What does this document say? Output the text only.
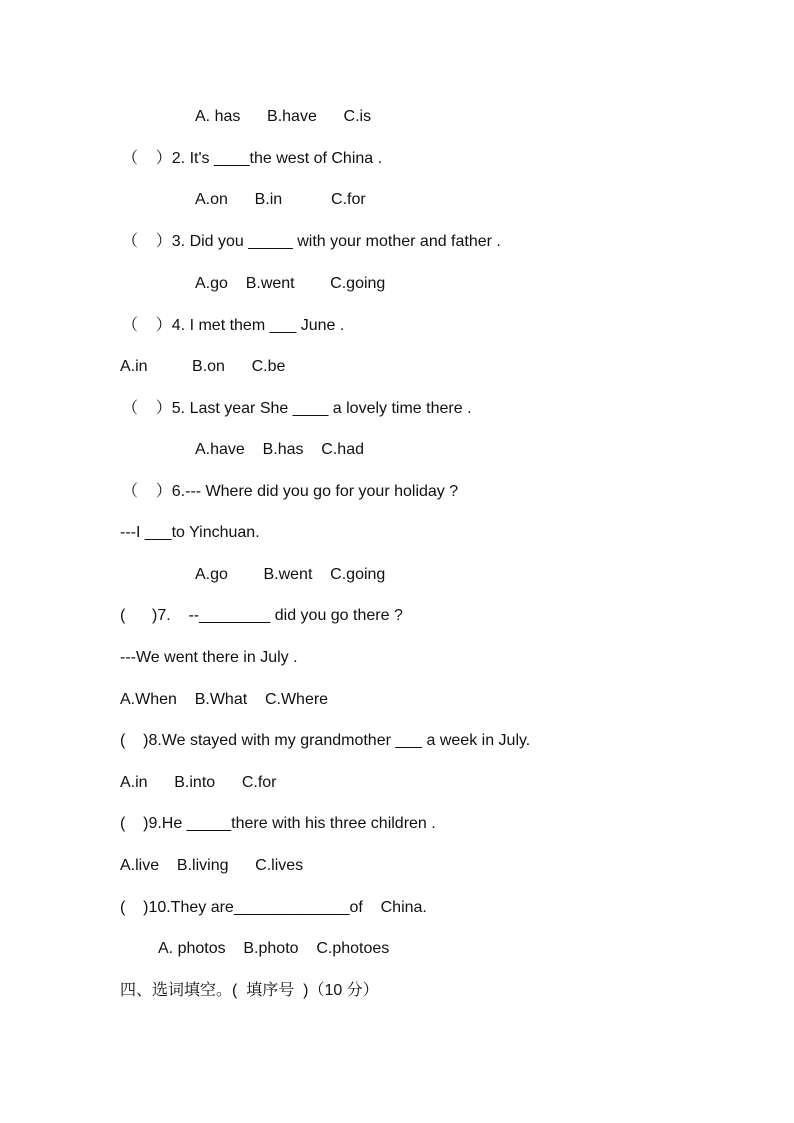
A. has      B.have      C.is
（    ）2. It's ____the west of China .
A.on      B.in           C.for
（    ）3. Did you _____ with your mother and father .
A.go    B.went        C.going
（    ）4. I met them ___ June .
A.in          B.on      C.be
（    ）5. Last year She ____ a lovely time there .
A.have    B.has    C.had
（    ）6.--- Where did you go for your holiday ?
---I ___to Yinchuan.
A.go        B.went    C.going
(      )7.    --________ did you go there ?
---We went there in July .
A.When    B.What    C.Where
(    )8.We stayed with my grandmother ___ a week in July.
A.in      B.into      C.for
(    )9.He _____there with his three children .
A.live    B.living      C.lives
(    )10.They are_____________of    China.
A. photos    B.photo    C.photoes
四、选词填空。(  填序号  )（10 分）
